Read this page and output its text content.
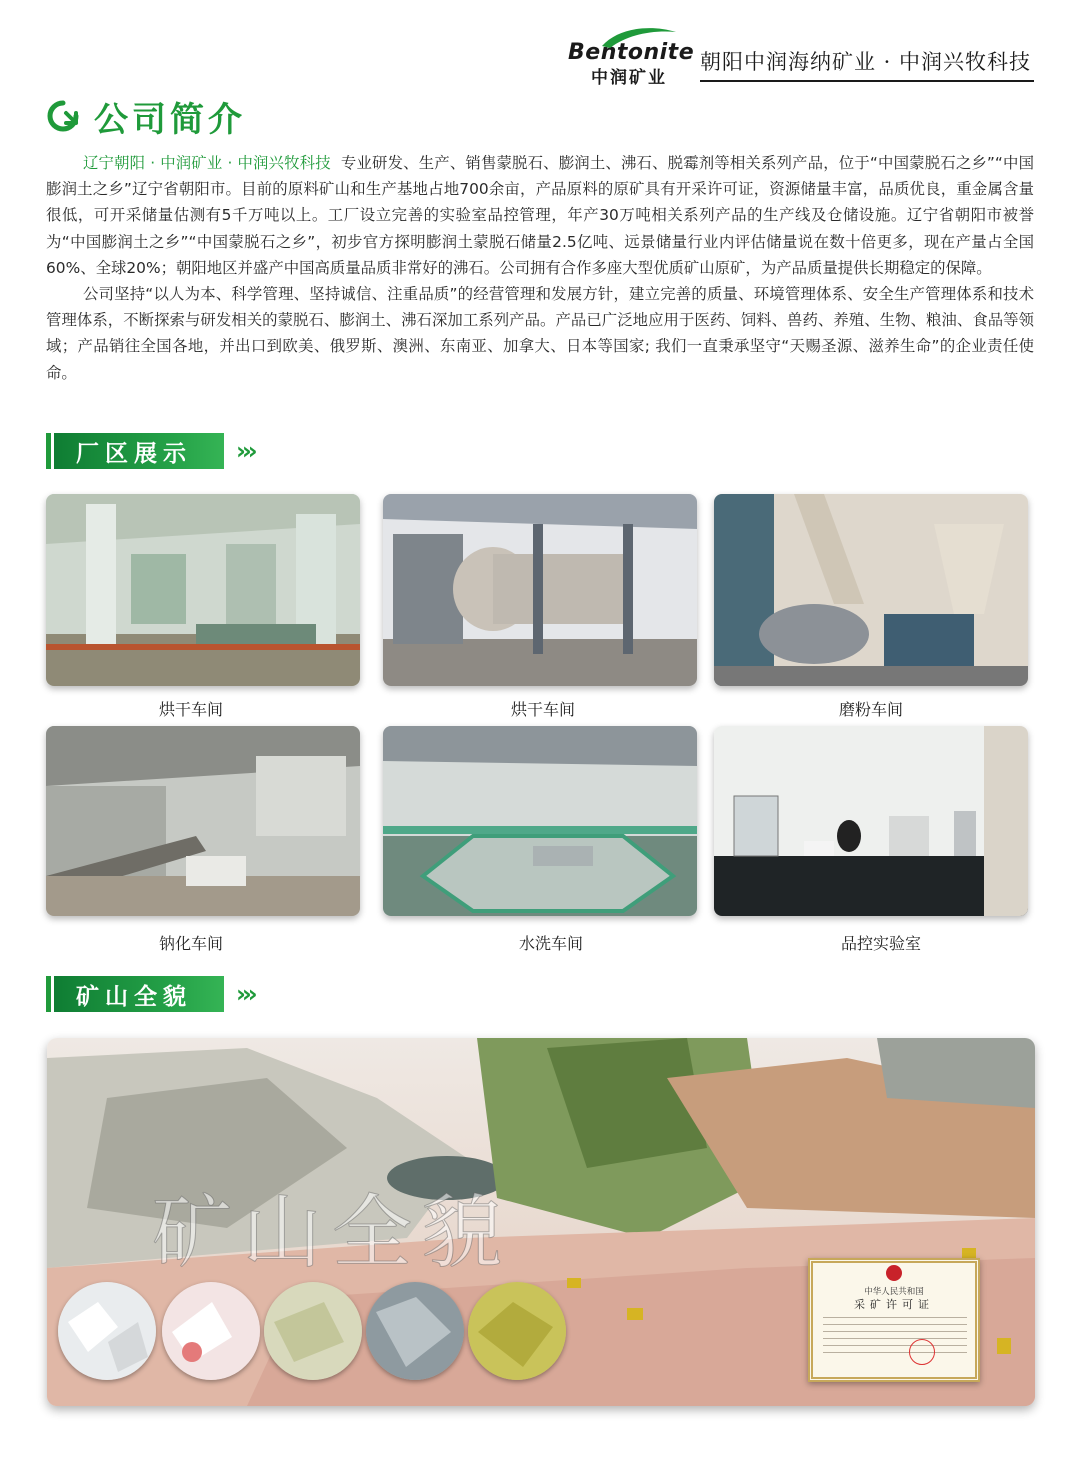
Bentonite
中润矿业
朝阳中润海纳矿业 · 中润兴牧科技
公司简介

辽宁朝阳 · 中润矿业 · 中润兴牧科技 专业研发、生产、销售蒙脱石、膨润土、沸石、脱霉剂等相关系列产品，位于“中国蒙脱石之乡”“中国膨润土之乡”辽宁省朝阳市。目前的原料矿山和生产基地占地700余亩，产品原料的原矿具有开采许可证，资源储量丰富，品质优良，重金属含量很低，可开采储量估测有5千万吨以上。工厂设立完善的实验室品控管理，年产30万吨相关系列产品的生产线及仓储设施。辽宁省朝阳市被誉为“中国膨润土之乡”“中国蒙脱石之乡”，初步官方探明膨润土蒙脱石储量2.5亿吨、远景储量行业内评估储量说在数十倍更多，现在产量占全国60%、全球20%；朝阳地区并盛产中国高质量品质非常好的沸石。公司拥有合作多座大型优质矿山原矿，为产品质量提供长期稳定的保障。

公司坚持“以人为本、科学管理、坚持诚信、注重品质”的经营管理和发展方针，建立完善的质量、环境管理体系、安全生产管理体系和技术管理体系，不断探索与研发相关的蒙脱石、膨润土、沸石深加工系列产品。产品已广泛地应用于医药、饲料、兽药、养殖、生物、粮油、食品等领域；产品销往全国各地，并出口到欧美、俄罗斯、澳洲、东南亚、加拿大、日本等国家; 我们一直秉承坚守“天赐圣源、滋养生命”的企业责任使命。

厂区展示	›››
烘干车间	烘干车间	磨粉车间
钠化车间	水洗车间	品控实验室
矿山全貌	›››
矿山全貌
中华人民共和国
采矿许可证
